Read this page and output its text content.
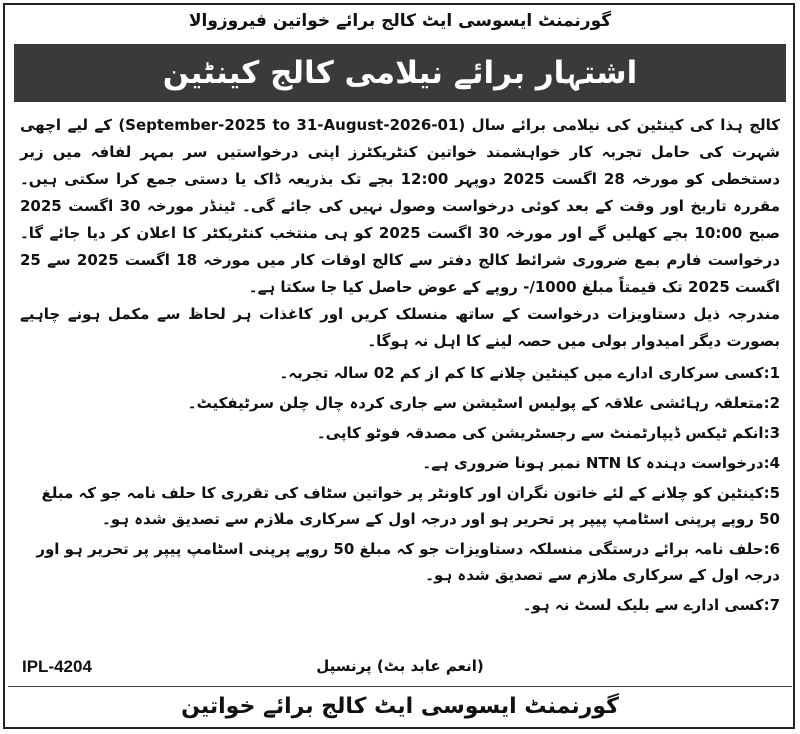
گورنمنٹ ایسوسی ایٹ کالج برائے خواتین فیروزوالا
اشتہار برائے نیلامی کالج کینٹین

کالج ہذا کی کینٹین کی نیلامی برائے سال (01-September-2025 to 31-August-2026) کے لیے اچھی شہرت کی حامل تجربہ کار خواہشمند خواتین کنٹریکٹرز اپنی درخواستیں سر بمہر لفافہ میں زیر دستخطی کو مورخہ 28 اگست 2025 دوپہر 12:00 بجے تک بذریعہ ڈاک یا دستی جمع کرا سکتی ہیں۔ مقررہ تاریخ اور وقت کے بعد کوئی درخواست وصول نہیں کی جائے گی۔ ٹینڈر مورخہ 30 اگست 2025 صبح 10:00 بجے کھلیں گے اور مورخہ 30 اگست 2025 کو ہی منتخب کنٹریکٹر کا اعلان کر دیا جائے گا۔ درخواست فارم بمع ضروری شرائط کالج دفتر سے کالج اوقات کار میں مورخہ 18 اگست 2025 سے 25 اگست 2025 تک قیمتاً مبلغ 1000/- روپے کے عوض حاصل کیا جا سکتا ہے۔

مندرجہ ذیل دستاویزات درخواست کے ساتھ منسلک کریں اور کاغذات ہر لحاظ سے مکمل ہونے چاہیے بصورت دیگر امیدوار بولی میں حصہ لینے کا اہل نہ ہوگا۔

1:کسی سرکاری ادارے میں کینٹین چلانے کا کم از کم 02 سالہ تجربہ۔
2:متعلقہ رہائشی علاقہ کے پولیس اسٹیشن سے جاری کردہ چال چلن سرٹیفکیٹ۔
3:انکم ٹیکس ڈیپارٹمنٹ سے رجسٹریشن کی مصدقہ فوٹو کاپی۔
4:درخواست دہندہ کا NTN نمبر ہونا ضروری ہے۔
5:کینٹین کو چلانے کے لئے خاتون نگران اور کاونٹر پر خواتین سٹاف کی تقرری کا حلف نامہ جو کہ مبلغ 50 روپے پرپنی اسٹامپ پیپر پر تحریر ہو اور درجہ اول کے سرکاری ملازم سے تصدیق شدہ ہو۔
6:حلف نامہ برائے درستگی منسلکہ دستاویزات جو کہ مبلغ 50 روپے پرپنی اسٹامپ پیپر پر تحریر ہو اور درجہ اول کے سرکاری ملازم سے تصدیق شدہ ہو۔
7:کسی ادارے سے بلیک لسٹ نہ ہو۔
(انعم عابد بٹ) پرنسپل
IPL-4204
گورنمنٹ ایسوسی ایٹ کالج برائے خواتین
